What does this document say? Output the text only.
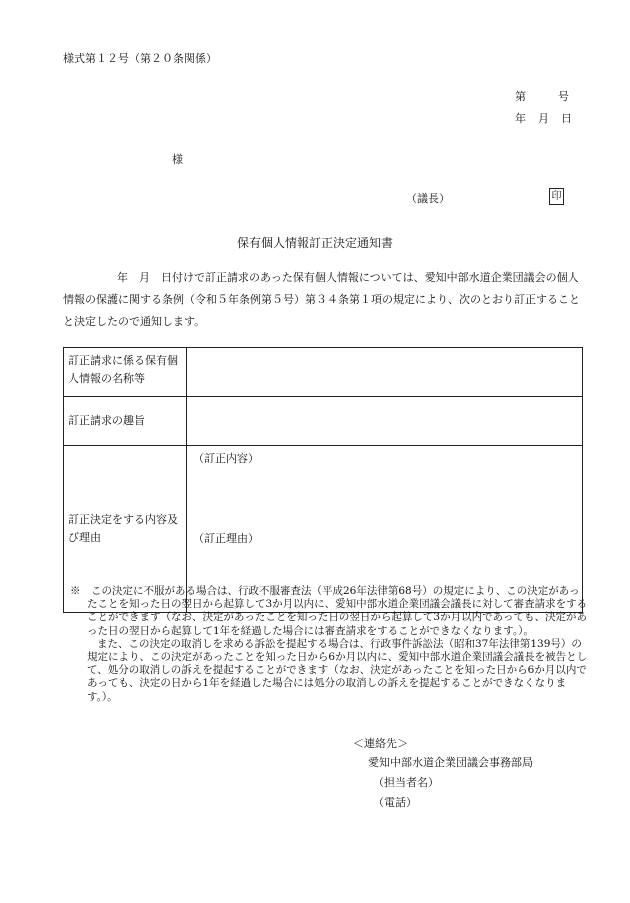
様式第１２号（第２０条関係）
第	号
年 月 日
様
（議長）	印
保有個人情報訂正決定通知書
年　月　日付けで訂正請求のあった保有個人情報については、愛知中部水道企業団議会の個人情報の保護に関する条例（令和５年条例第５号）第３４条第１項の規定により、次のとおり訂正することと決定したので通知します。
訂正請求に係る保有個人情報の名称等	
訂正請求の趣旨	
訂正決定をする内容及び理由	（訂正内容）
（訂正理由）

※　この決定に不服がある場合は、行政不服審査法（平成26年法律第68号）の規定により、この決定があったことを知った日の翌日から起算して3か月以内に、愛知中部水道企業団議会議長に対して審査請求をすることができます（なお、決定があったことを知った日の翌日から起算して3か月以内であっても、決定があった日の翌日から起算して1年を経過した場合には審査請求をすることができなくなります。）。

また、この決定の取消しを求める訴訟を提起する場合は、行政事件訴訟法（昭和37年法律第139号）の規定により、この決定があったことを知った日から6か月以内に、愛知中部水道企業団議会議長を被告として、処分の取消しの訴えを提起することができます（なお、決定があったことを知った日から6か月以内であっても、決定の日から1年を経過した場合には処分の取消しの訴えを提起することができなくなります。）。

＜連絡先＞
愛知中部水道企業団議会事務部局
（担当者名）
（電話）
